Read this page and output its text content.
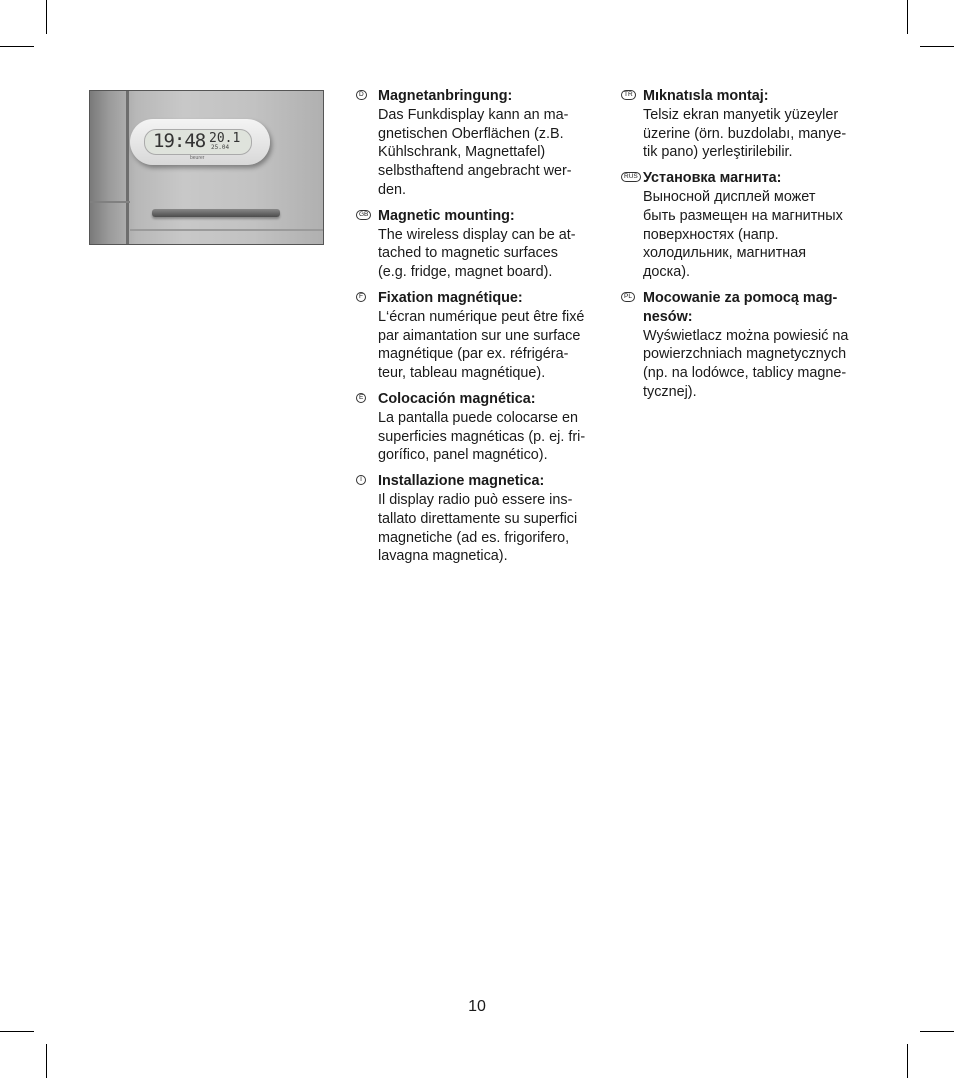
19:48 20.1
25.04
beurer
D Magnetanbringung:
Das Funkdisplay kann an ma-
gnetischen Oberflächen (z.B.
Kühlschrank, Magnettafel)
selbsthaftend angebracht wer-
den.
GB Magnetic mounting:
The wireless display can be at-
tached to magnetic surfaces
(e.g. fridge, magnet board).
F Fixation magnétique:
L‘écran numérique peut être fixé
par aimantation sur une surface
magnétique (par ex. réfrigéra-
teur, tableau magnétique).
E Colocación magnética:
La pantalla puede colocarse en
superficies magnéticas (p. ej. fri-
gorífico, panel magnético).
I Installazione magnetica:
Il display radio può essere ins-
tallato direttamente su superfici
magnetiche (ad es. frigorifero,
lavagna magnetica).
TR Mıknatısla montaj:
Telsiz ekran manyetik yüzeyler
üzerine (örn. buzdolabı, manye-
tik pano) yerleştirilebilir.
RUS Установка магнита:
Выносной дисплей может
быть размещен на магнитных
поверхностях (напр.
холодильник, магнитная
доска).
PL Mocowanie za pomocą mag-
nesów:
Wyświetlacz można powiesić na
powierzchniach magnetycznych
(np. na lodówce, tablicy magne-
tycznej).
10
